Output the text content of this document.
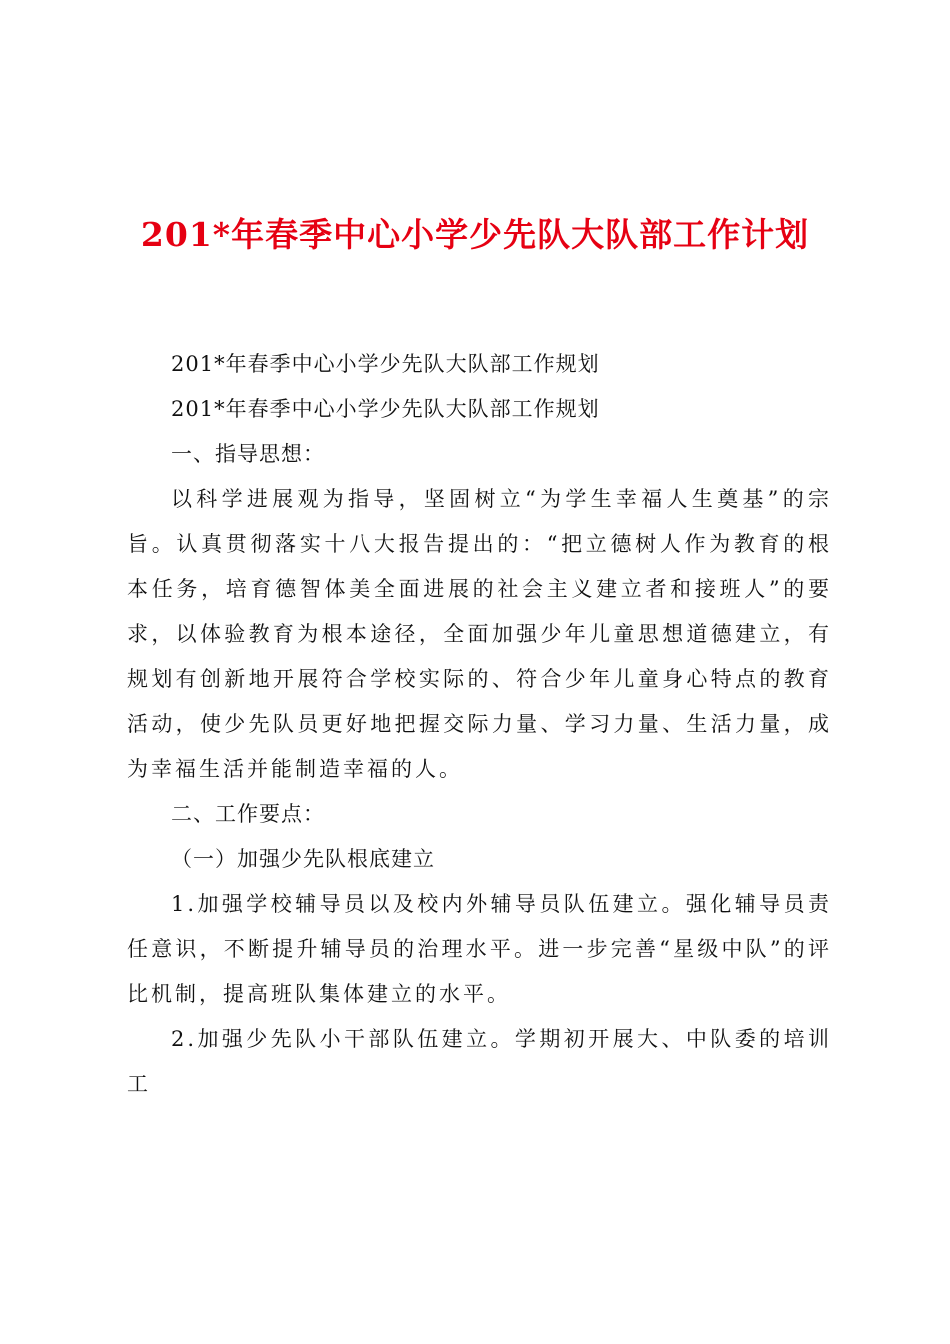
201*年春季中心小学少先队大队部工作计划

201*年春季中心小学少先队大队部工作规划

201*年春季中心小学少先队大队部工作规划

一、指导思想：

以科学进展观为指导，坚固树立“为学生幸福人生奠基”的宗旨。认真贯彻落实十八大报告提出的：“把立德树人作为教育的根本任务，培育德智体美全面进展的社会主义建立者和接班人”的要求，以体验教育为根本途径，全面加强少年儿童思想道德建立，有规划有创新地开展符合学校实际的、符合少年儿童身心特点的教育活动，使少先队员更好地把握交际力量、学习力量、生活力量，成为幸福生活并能制造幸福的人。

二、工作要点：

（一）加强少先队根底建立

1.加强学校辅导员以及校内外辅导员队伍建立。强化辅导员责任意识，不断提升辅导员的治理水平。进一步完善“星级中队”的评比机制，提高班队集体建立的水平。

2.加强少先队小干部队伍建立。学期初开展大、中队委的培训工
